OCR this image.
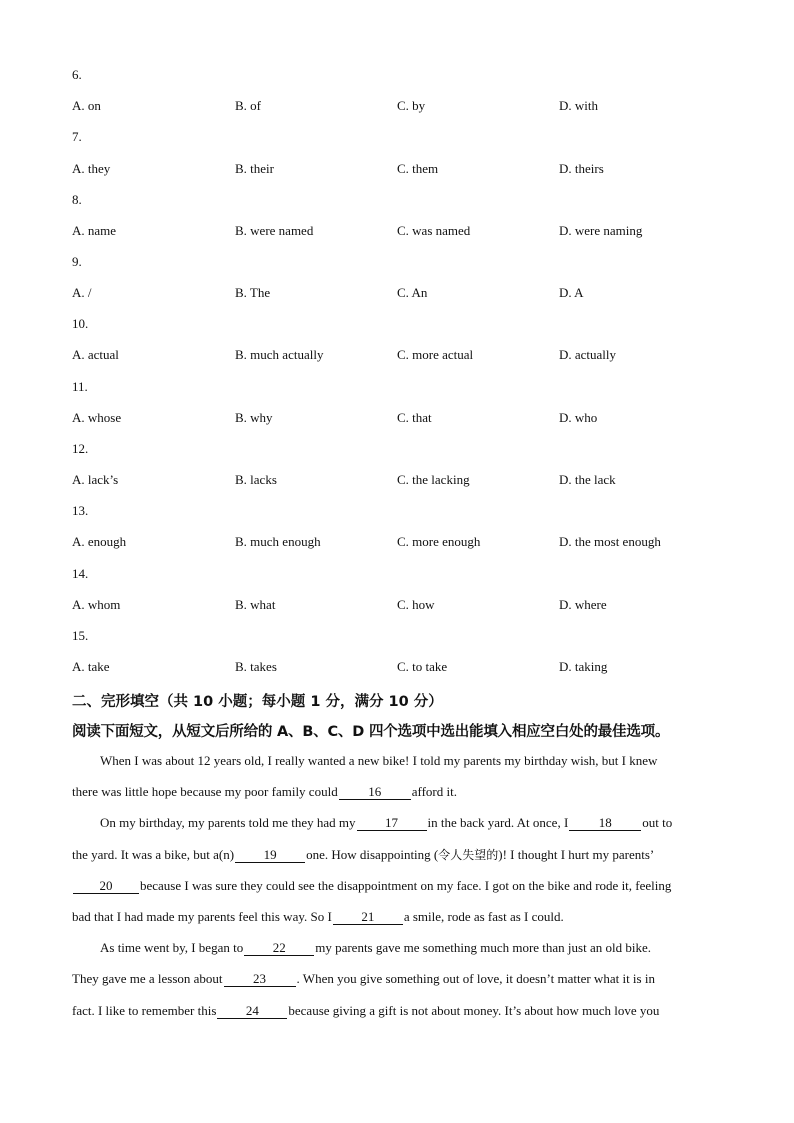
6.
A. on	B. of	C. by	D. with
7.
A. they	B. their	C. them	D. theirs
8.
A. name	B. were named	C. was named	D. were naming
9.
A. /	B. The	C. An	D. A
10.
A. actual	B. much actually	C. more actual	D. actually
11.
A. whose	B. why	C. that	D. who
12.
A. lack’s	B. lacks	C. the lacking	D. the lack
13.
A. enough	B. much enough	C. more enough	D. the most enough
14.
A. whom	B. what	C. how	D. where
15.
A. take	B. takes	C. to take	D. taking
二、完形填空（共 10 小题；每小题 1 分，满分 10 分）
阅读下面短文，从短文后所给的 A、B、C、D 四个选项中选出能填入相应空白处的最佳选项。
When I was about 12 years old, I really wanted a new bike! I told my parents my birthday wish, but I knew
there was little hope because my poor family could 16 afford it.
On my birthday, my parents told me they had my 17 in the back yard. At once, I 18 out to
the yard. It was a bike, but a(n) 19 one. How disappointing (令人失望的)! I thought I hurt my parents’
20 because I was sure they could see the disappointment on my face. I got on the bike and rode it, feeling
bad that I had made my parents feel this way. So I 21 a smile, rode as fast as I could.
As time went by, I began to 22 my parents gave me something much more than just an old bike.
They gave me a lesson about 23 . When you give something out of love, it doesn’t matter what it is in
fact. I like to remember this 24 because giving a gift is not about money. It’s about how much love you
